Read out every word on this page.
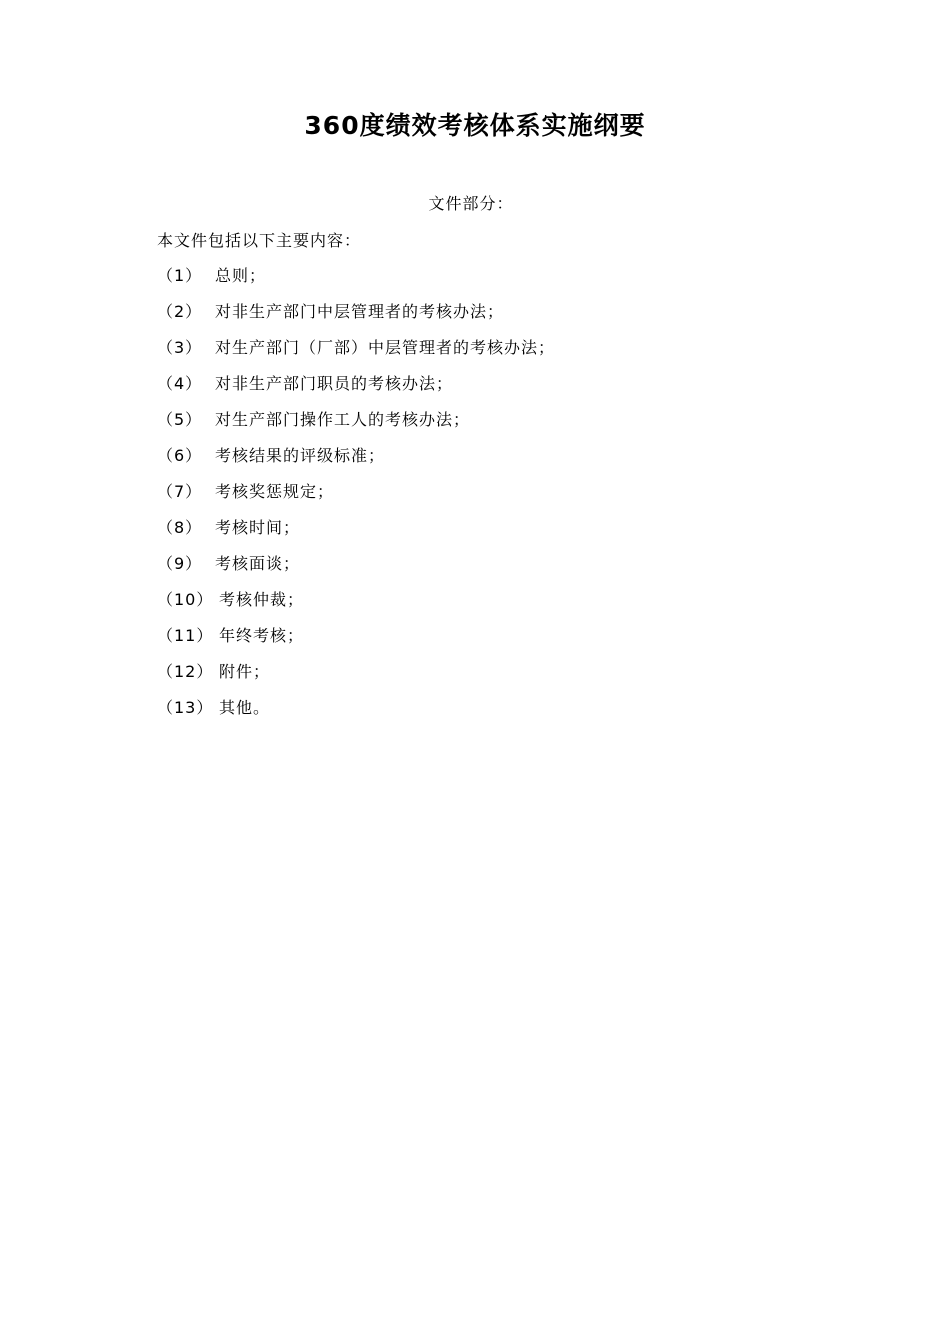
360度绩效考核体系实施纲要
文件部分：
本文件包括以下主要内容：
（1） 总则；
（2） 对非生产部门中层管理者的考核办法；
（3） 对生产部门（厂部）中层管理者的考核办法；
（4） 对非生产部门职员的考核办法；
（5） 对生产部门操作工人的考核办法；
（6） 考核结果的评级标准；
（7） 考核奖惩规定；
（8） 考核时间；
（9） 考核面谈；
（10） 考核仲裁；
（11） 年终考核；
（12） 附件；
（13） 其他。
